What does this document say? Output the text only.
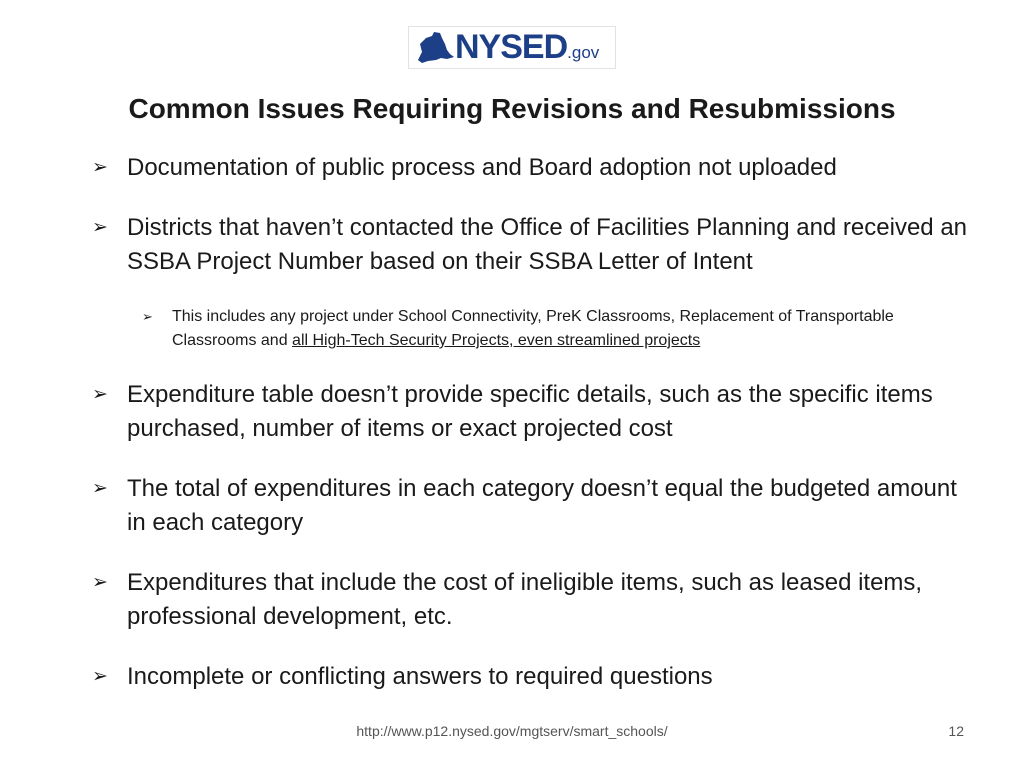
NYSED.gov
Common Issues Requiring Revisions and Resubmissions
➢ Documentation of public process and Board adoption not uploaded
➢ Districts that haven’t contacted the Office of Facilities Planning and received an SSBA Project Number based on their SSBA Letter of Intent
➢ This includes any project under School Connectivity, PreK Classrooms, Replacement of Transportable Classrooms and all High-Tech Security Projects, even streamlined projects
➢ Expenditure table doesn’t provide specific details, such as the specific items purchased, number of items or exact projected cost
➢ The total of expenditures in each category doesn’t equal the budgeted amount in each category
➢ Expenditures that include the cost of ineligible items, such as leased items, professional development, etc.
➢ Incomplete or conflicting answers to required questions
http://www.p12.nysed.gov/mgtserv/smart_schools/	12
